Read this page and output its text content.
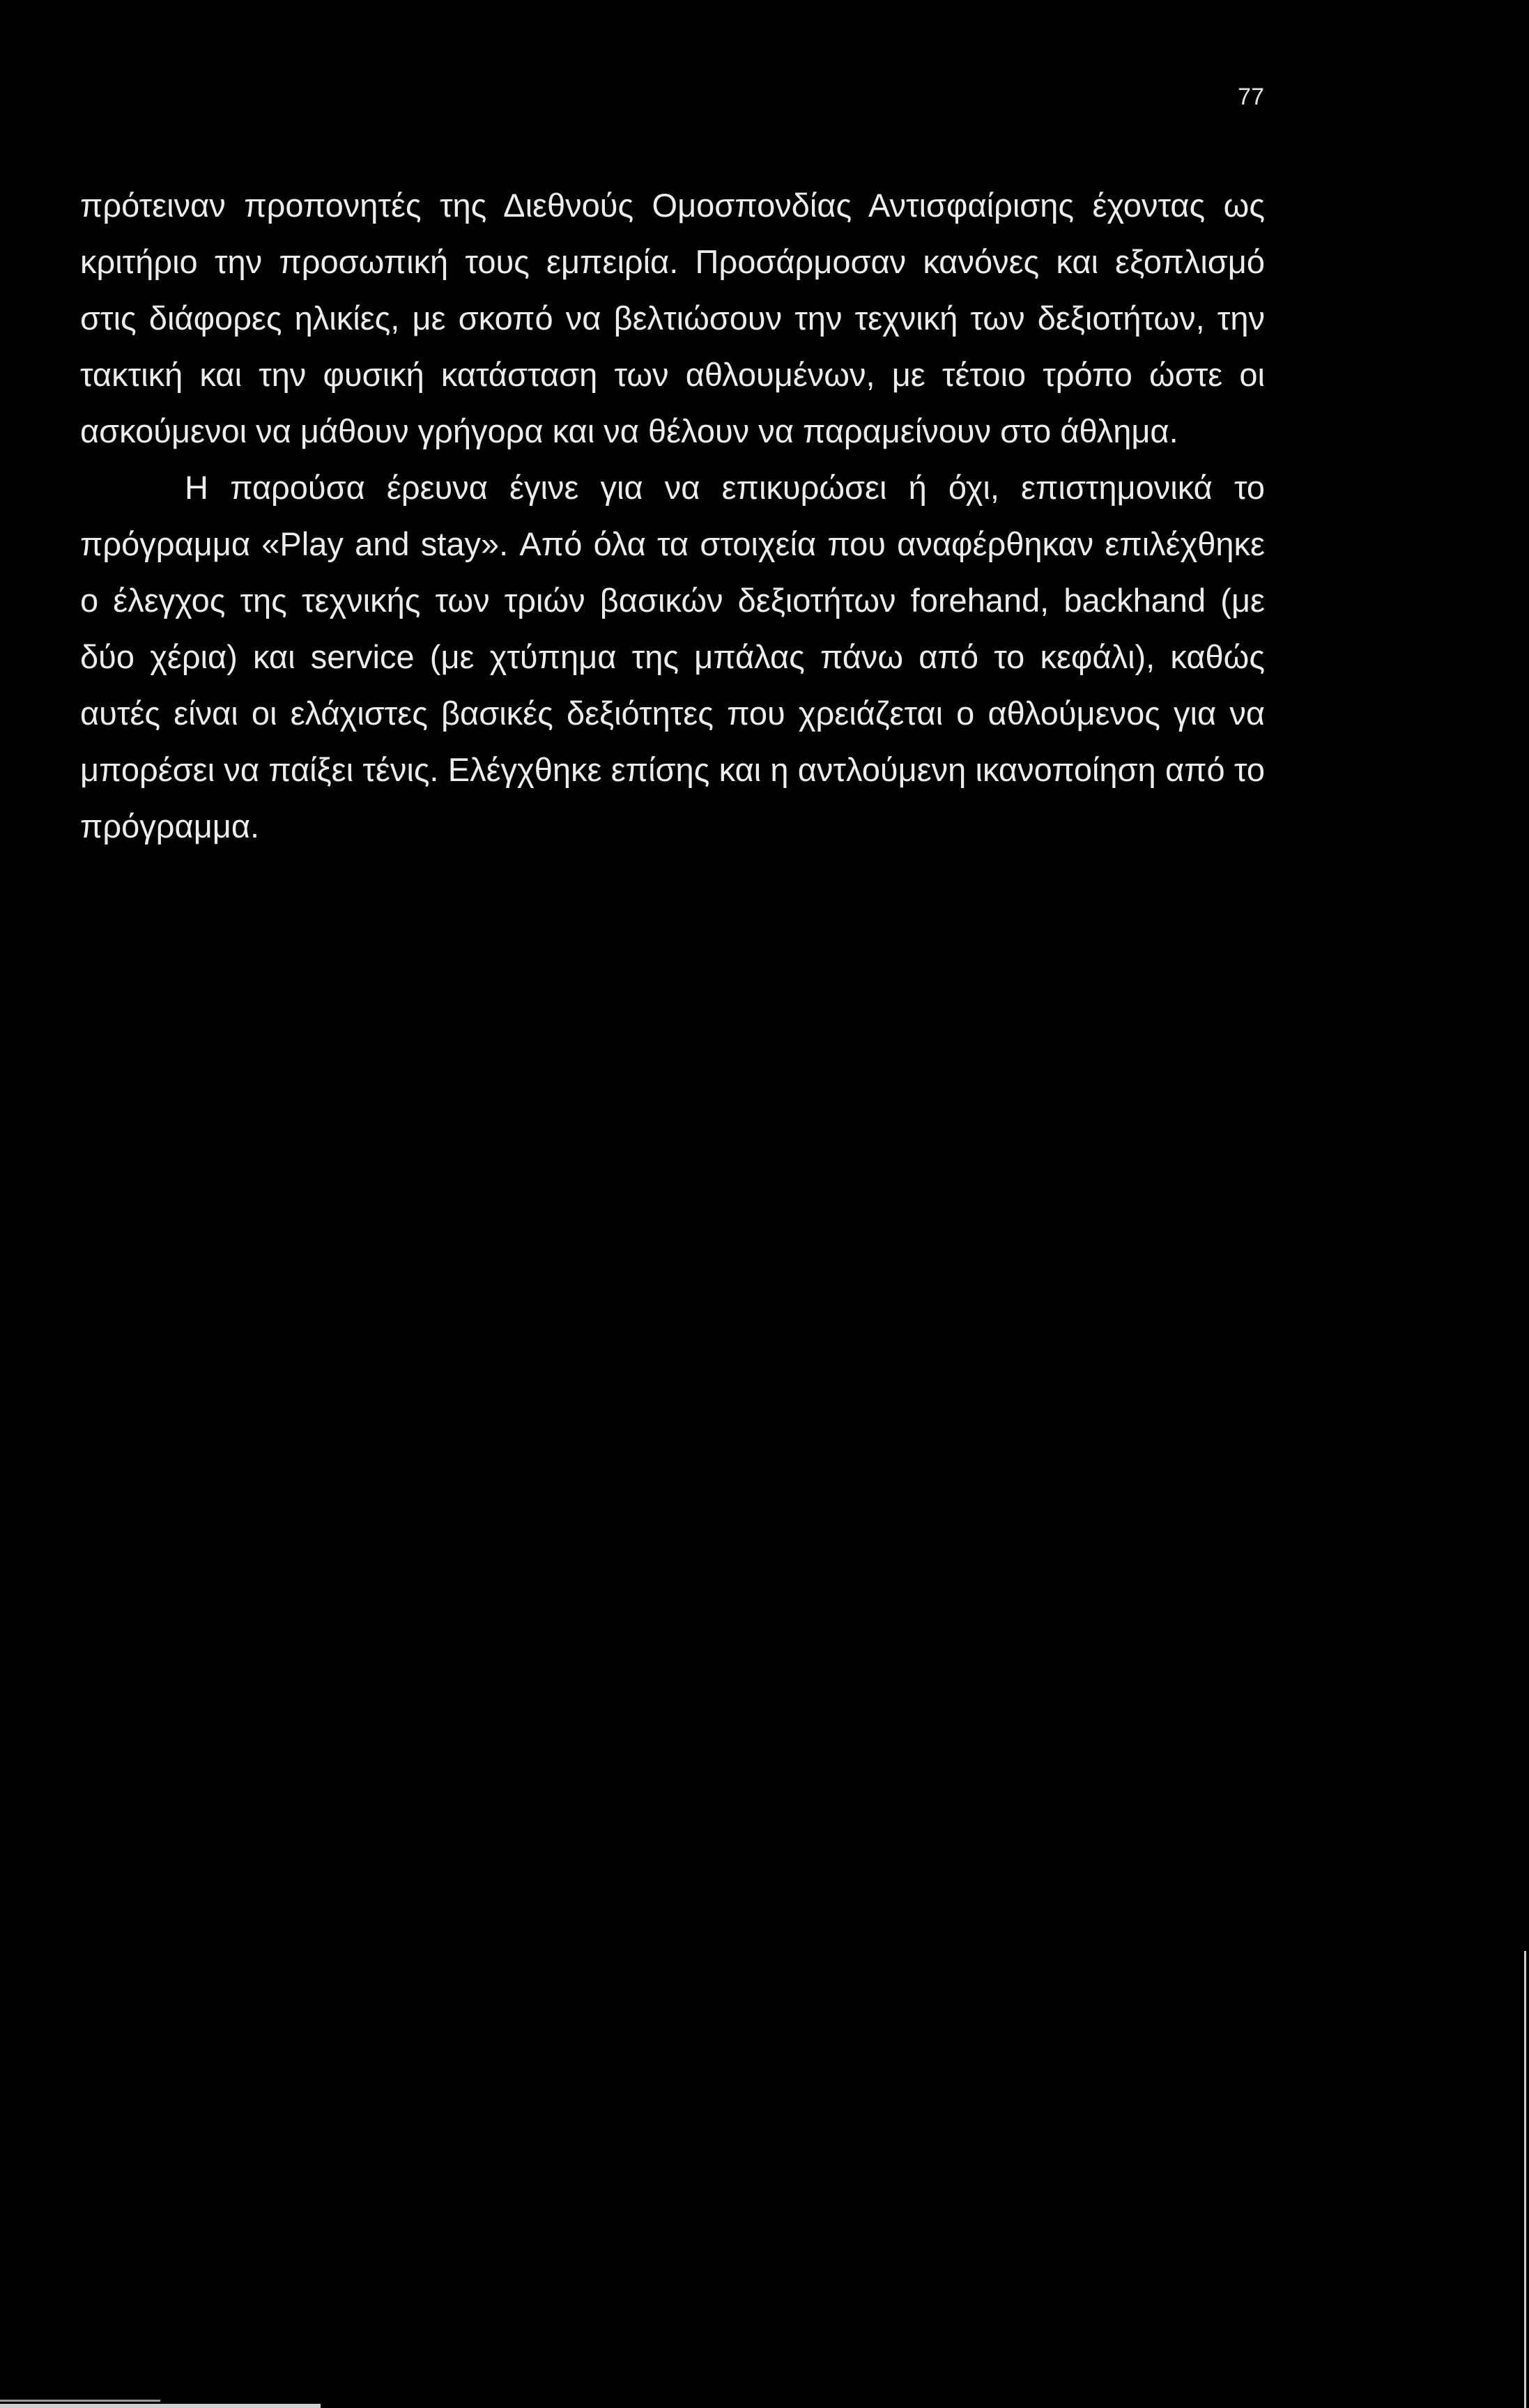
77

πρότειναν προπονητές της Διεθνούς Ομοσπονδίας Αντισφαίρισης έχοντας ως κριτήριο την προσωπική τους εμπειρία. Προσάρμοσαν κανόνες και εξοπλισμό στις διάφορες ηλικίες, με σκοπό να βελτιώσουν την τεχνική των δεξιοτήτων, την τακτική και την φυσική κατάσταση των αθλουμένων, με τέτοιο τρόπο ώστε οι ασκούμενοι να μάθουν γρήγορα και να θέλουν να παραμείνουν στο άθλημα.

Η παρούσα έρευνα έγινε για να επικυρώσει ή όχι, επιστημονικά το πρόγραμμα «Play and stay». Από όλα τα στοιχεία που αναφέρθηκαν επιλέχθηκε ο έλεγχος της τεχνικής των τριών βασικών δεξιοτήτων forehand, backhand (με δύο χέρια) και service (με χτύπημα της μπάλας πάνω από το κεφάλι), καθώς αυτές είναι οι ελάχιστες βασικές δεξιότητες που χρειάζεται ο αθλούμενος για να μπορέσει να παίξει τένις. Ελέγχθηκε επίσης και η αντλούμενη ικανοποίηση από το πρόγραμμα.
